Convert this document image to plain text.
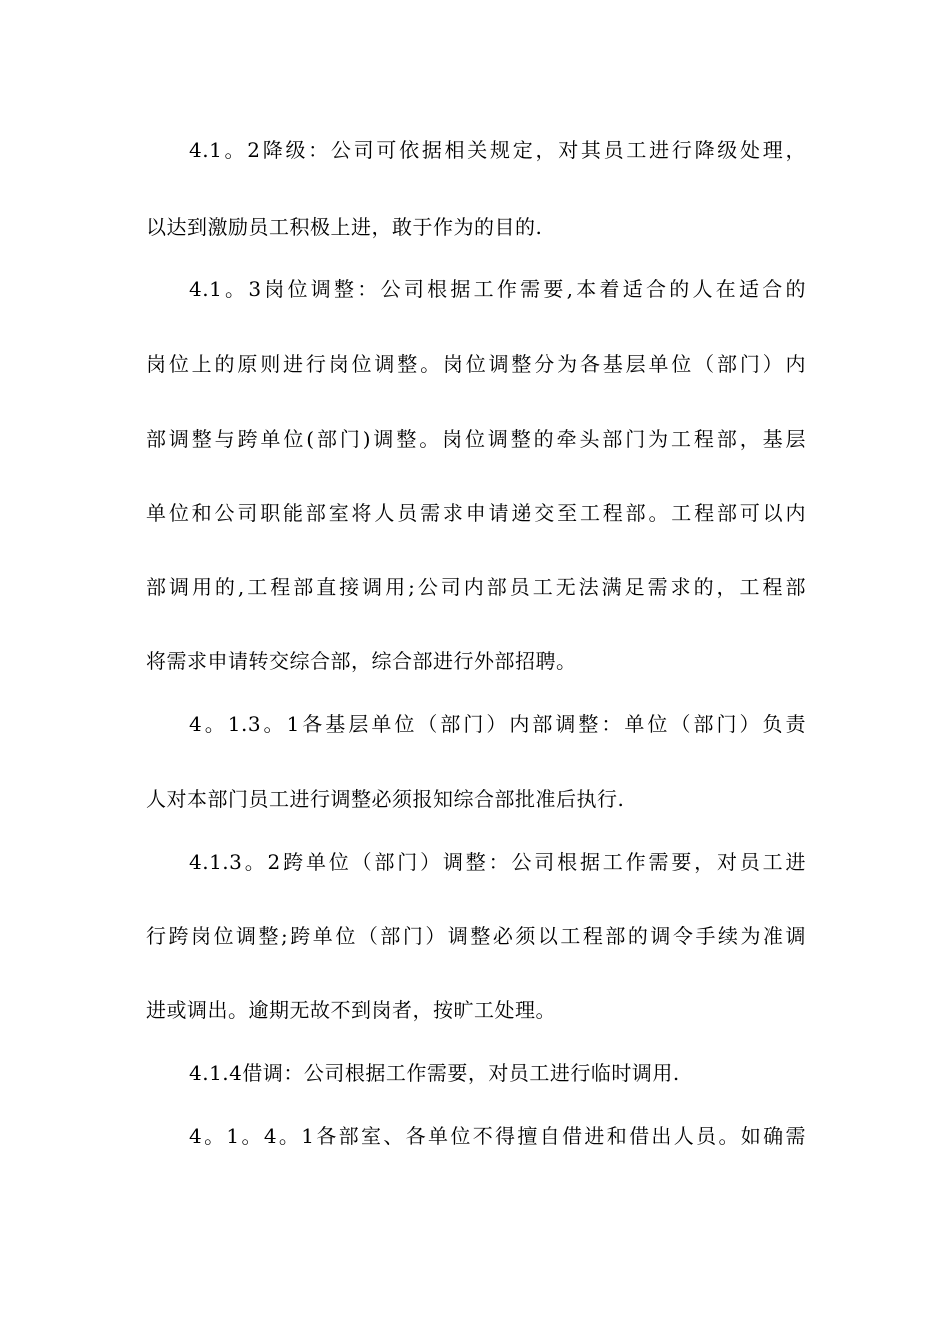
4.1。2降级：公司可依据相关规定，对其员工进行降级处理，
以达到激励员工积极上进，敢于作为的目的.
4.1。3岗位调整：公司根据工作需要,本着适合的人在适合的
岗位上的原则进行岗位调整。岗位调整分为各基层单位（部门）内
部调整与跨单位(部门)调整。岗位调整的牵头部门为工程部，基层
单位和公司职能部室将人员需求申请递交至工程部。工程部可以内
部调用的,工程部直接调用;公司内部员工无法满足需求的，工程部
将需求申请转交综合部，综合部进行外部招聘。
4。1.3。1各基层单位（部门）内部调整：单位（部门）负责
人对本部门员工进行调整必须报知综合部批准后执行.
4.1.3。2跨单位（部门）调整：公司根据工作需要，对员工进
行跨岗位调整;跨单位（部门）调整必须以工程部的调令手续为准调
进或调出。逾期无故不到岗者，按旷工处理。
4.1.4借调：公司根据工作需要，对员工进行临时调用.
4。1。4。1各部室、各单位不得擅自借进和借出人员。如确需
